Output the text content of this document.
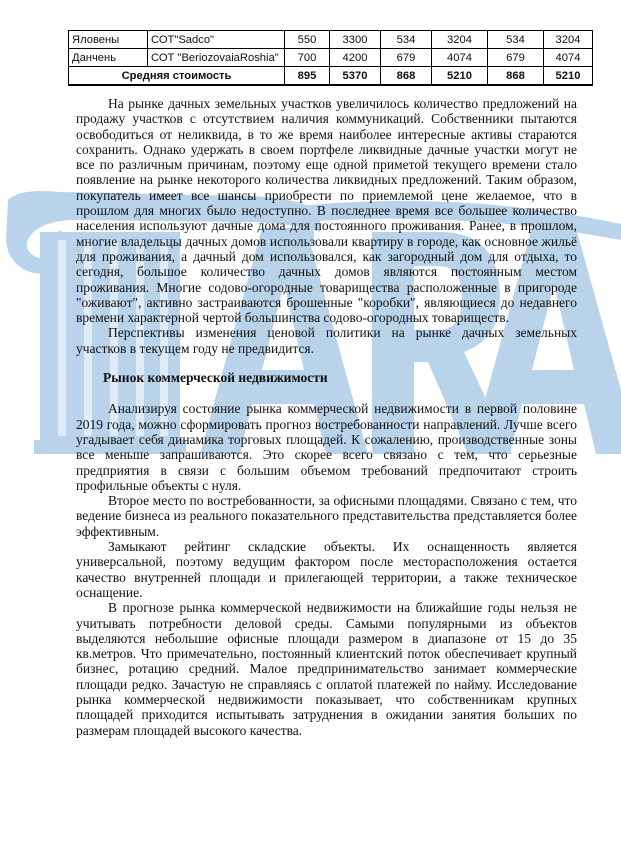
Яловены	СОТ"Sadco"	550	3300	534	3204	534	3204
Данчень	СОТ "BeriozovaiaRoshia"	700	4200	679	4074	679	4074
Средняя стоимость		895	5370	868	5210	868	5210

На рынке дачных земельных участков увеличилось количество предложений на продажу участков с отсутствием наличия коммуникаций. Собственники пытаются освободиться от неликвида, в то же время наиболее интересные активы стараются сохранить. Однако удержать в своем портфеле ликвидные дачные участки могут не все по различным причинам, поэтому еще одной приметой текущего времени стало появление на рынке некоторого количества ликвидных предложений. Таким образом, покупатель имеет все шансы приобрести по приемлемой цене желаемое, что в прошлом для многих было недоступно. В последнее время все большее количество населения используют дачные дома для постоянного проживания. Ранее, в прошлом, многие владельцы дачных домов использовали квартиру в городе, как основное жильё для проживания, а дачный дом использовался, как загородный дом для отдыха, то сегодня, большое количество дачных домов являются постоянным местом проживания. Многие содово-огородные товарищества расположенные в пригороде "оживают", активно застраиваются брошенные "коробки", являющиеся до недавнего времени характерной чертой большинства содово-огородных товариществ.

Перспективы изменения ценовой политики на рынке дачных земельных участков в текущем году не предвидится.

Рынок коммерческой недвижимости

Анализируя состояние рынка коммерческой недвижимости в первой половине 2019 года, можно сформировать прогноз востребованности направлений. Лучше всего угадывает себя динамика торговых площадей. К сожалению, производственные зоны все меньше запрашиваются. Это скорее всего связано с тем, что серьезные предприятия в связи с большим объемом требований предпочитают строить профильные объекты с нуля.

Второе место по востребованности, за офисными площадями. Связано с тем, что ведение бизнеса из реального показательного представительства представляется более эффективным.

Замыкают рейтинг складские объекты. Их оснащенность является универсальной, поэтому ведущим фактором после месторасположения остается качество внутренней площади и прилегающей территории, а также техническое оснащение.

В прогнозе рынка коммерческой недвижимости на ближайшие годы нельзя не учитывать потребности деловой среды. Самыми популярными из объектов выделяются небольшие офисные площади размером в диапазоне от 15 до 35 кв.метров. Что примечательно, постоянный клиентский поток обеспечивает крупный бизнес, ротацию средний. Малое предпринимательство занимает коммерческие площади редко. Зачастую не справляясь с оплатой платежей по найму. Исследование рынка коммерческой недвижимости показывает, что собственникам крупных площадей приходится испытывать затруднения в ожидании занятия больших по размерам площадей высокого качества.
